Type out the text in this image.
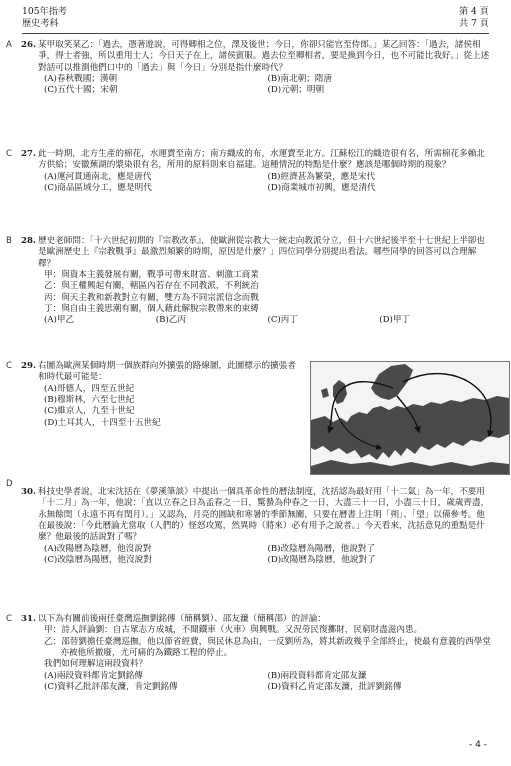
105年指考
歷史考科
第 4 頁
共 7 頁
A 26. 某甲取笑某乙：「過去，憑著遊說，可得卿相之位，澤及後世；今日，你卻只能官至侍郎。」某乙回答：「過去，諸侯相爭，得士者強，所以重用士人；今日天子在上，諸侯賓服。過去位至卿相者，要是換到今日，也不可能比我好。」從上述對話可以推測他們口中的「過去」與「今日」分別是指什麼時代？
(A)春秋戰國；漢朝	(B)南北朝；隋唐
(C)五代十國；宋朝	(D)元朝；明朝
C 27. 此一時期，北方生產的棉花，水運賣至南方；南方織成的布，水運賣至北方。江蘇松江的織造很有名，所需棉花多賴北方供給；安徽蕪湖的漿染很有名，所用的原料則來自福建。這種情況的特點是什麼？應該是哪個時期的現象？
(A)運河貫通南北，應是唐代	(B)經濟甚為繁榮，應是宋代
(C)商品區域分工，應是明代	(D)商業城市初興，應是清代
B 28. 歷史老師問：「十六世紀初期的『宗教改革』，使歐洲從宗教大一統走向教派分立，但十六世紀後半至十七世紀上半卻也是歐洲歷史上『宗教戰爭』最激烈頻繁的時期，原因是什麼？」四位同學分別提出看法。哪些同學的回答可以合理解釋？
甲：與資本主義發展有關，戰爭可帶來財富、刺激工商業
乙：與王權興起有關，轄區內若存在不同教派，不利統治
丙：與天主教和新教對立有關，雙方為不同宗派信念而戰
丁：與自由主義思潮有關，個人藉此解脫宗教帶來的束縛
(A)甲乙	(B)乙丙	(C)丙丁	(D)甲丁
C 29. 右圖為歐洲某個時期一個族群向外擴張的路線圖，此圖標示的擴張者和時代最可能是：
(A)哥德人，四至五世紀
(B)穆斯林，六至七世紀
(C)維京人，九至十世紀
(D)土耳其人，十四至十五世紀
D
30. 科技史學者說，北宋沈括在《夢溪筆談》中提出一個具革命性的曆法制度，沈括認為最好用「十二氣」為一年，不要用「十二月」為一年，他說：「直以立春之日為孟春之一日，驚蟄為仲春之一日，大盡三十一日，小盡三十日，歲歲齊盡，永無餘閏（永遠不再有閏月）。」又認為，月亮的圓缺和寒暑的季節無關，只要在曆書上注明「朔」、「望」以備參考。他在最後說：「今此曆論尤當取（人們的）怪怒攻罵，然異時（將來）必有用予之說者。」今天看來，沈括意見的重點是什麼？他最後的話說對了嗎？
(A)改陽曆為陰曆，他沒說對	(B)改陰曆為陽曆，他說對了
(C)改陰曆為陽曆，他沒說對	(D)改陽曆為陰曆，他說對了
C 31. 以下為有關前後兩任臺灣巡撫劉銘傳（簡稱劉）、邵友濂（簡稱邵）的評論：
甲：詩人評論劉：自古眾志方成城，不聞鐵車（火車）與興戰。又況勞民復擲財，民窮財盡滋內患。
乙：邵替劉擔任臺灣巡撫，他以節省經費，與民休息為由，一反劉所為，將其新政幾乎全部終止，使最有意義的西學堂亦被他所撤廢，尤可痛的為鐵路工程的停止。
我們如何理解這兩段資料？
(A)兩段資料都肯定劉銘傳	(B)兩段資料都肯定邵友濂
(C)資料乙批評邵友濂，肯定劉銘傳	(D)資料乙肯定邵友濂，批評劉銘傳
- 4 -
